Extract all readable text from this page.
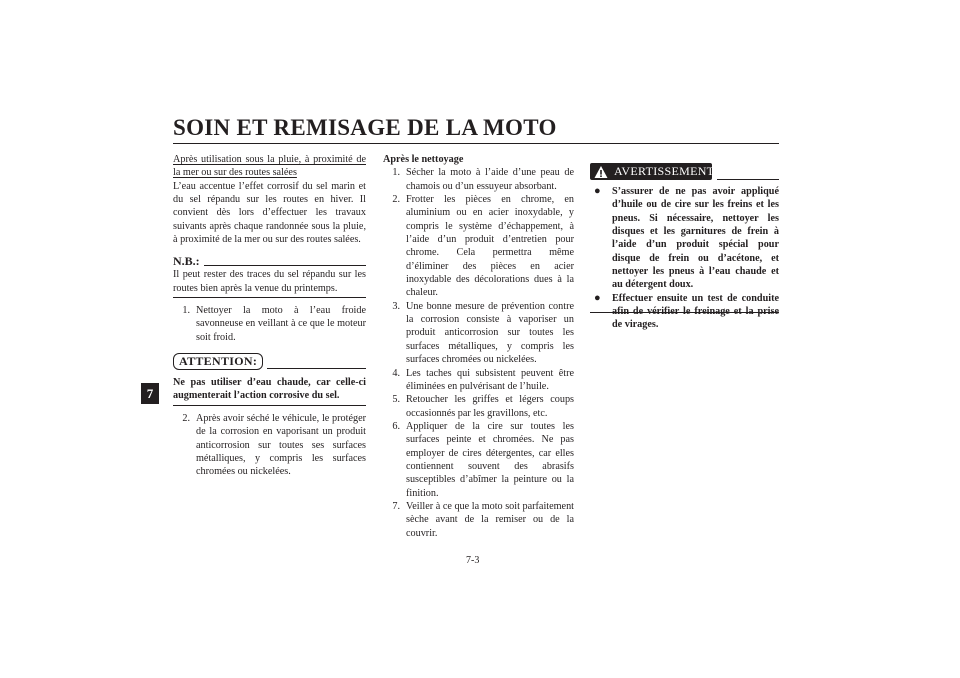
SOIN ET REMISAGE DE LA MOTO
7

Après utilisation sous la pluie, à proximité de la mer ou sur des routes salées

L’eau accentue l’effet corrosif du sel marin et du sel répandu sur les routes en hiver. Il convient dès lors d’effectuer les travaux suivants après chaque randonnée sous la pluie, à proximité de la mer ou sur des routes salées.

N.B.:

Il peut rester des traces du sel répandu sur les routes bien après la venue du printemps.

1. Nettoyer la moto à l’eau froide savonneuse en veillant à ce que le moteur soit froid.
ATTENTION:

Ne pas utiliser d’eau chaude, car celle-ci augmenterait l’action corrosive du sel.

2. Après avoir séché le véhicule, le protéger de la corrosion en vaporisant un produit anticorrosion sur toutes ses surfaces métalliques, y compris les surfaces chromées ou nickelées.

Après le nettoyage

1. Sécher la moto à l’aide d’une peau de chamois ou d’un essuyeur absorbant.
2. Frotter les pièces en chrome, en aluminium ou en acier inoxydable, y compris le système d’échappement, à l’aide d’un produit d’entretien pour chrome. Cela permettra même d’éliminer des pièces en acier inoxydable des décolorations dues à la chaleur.
3. Une bonne mesure de prévention contre la corrosion consiste à vaporiser un produit anticorrosion sur toutes les surfaces métalliques, y compris les surfaces chromées ou nickelées.
4. Les taches qui subsistent peuvent être éliminées en pulvérisant de l’huile.
5. Retoucher les griffes et légers coups occasionnés par les gravillons, etc.
6. Appliquer de la cire sur toutes les surfaces peinte et chromées. Ne pas employer de cires détergentes, car elles contiennent souvent des abrasifs susceptibles d’abîmer la peinture ou la finition.
7. Veiller à ce que la moto soit parfaitement sèche avant de la remiser ou de la couvrir.
AVERTISSEMENT
●	S’assurer de ne pas avoir appliqué d’huile ou de cire sur les freins et les pneus. Si nécessaire, nettoyer les disques et les garnitures de frein à l’aide d’un produit spécial pour disque de frein ou d’acétone, et nettoyer les pneus à l’eau chaude et au détergent doux.
●	Effectuer ensuite un test de conduite de virages.
7-3
